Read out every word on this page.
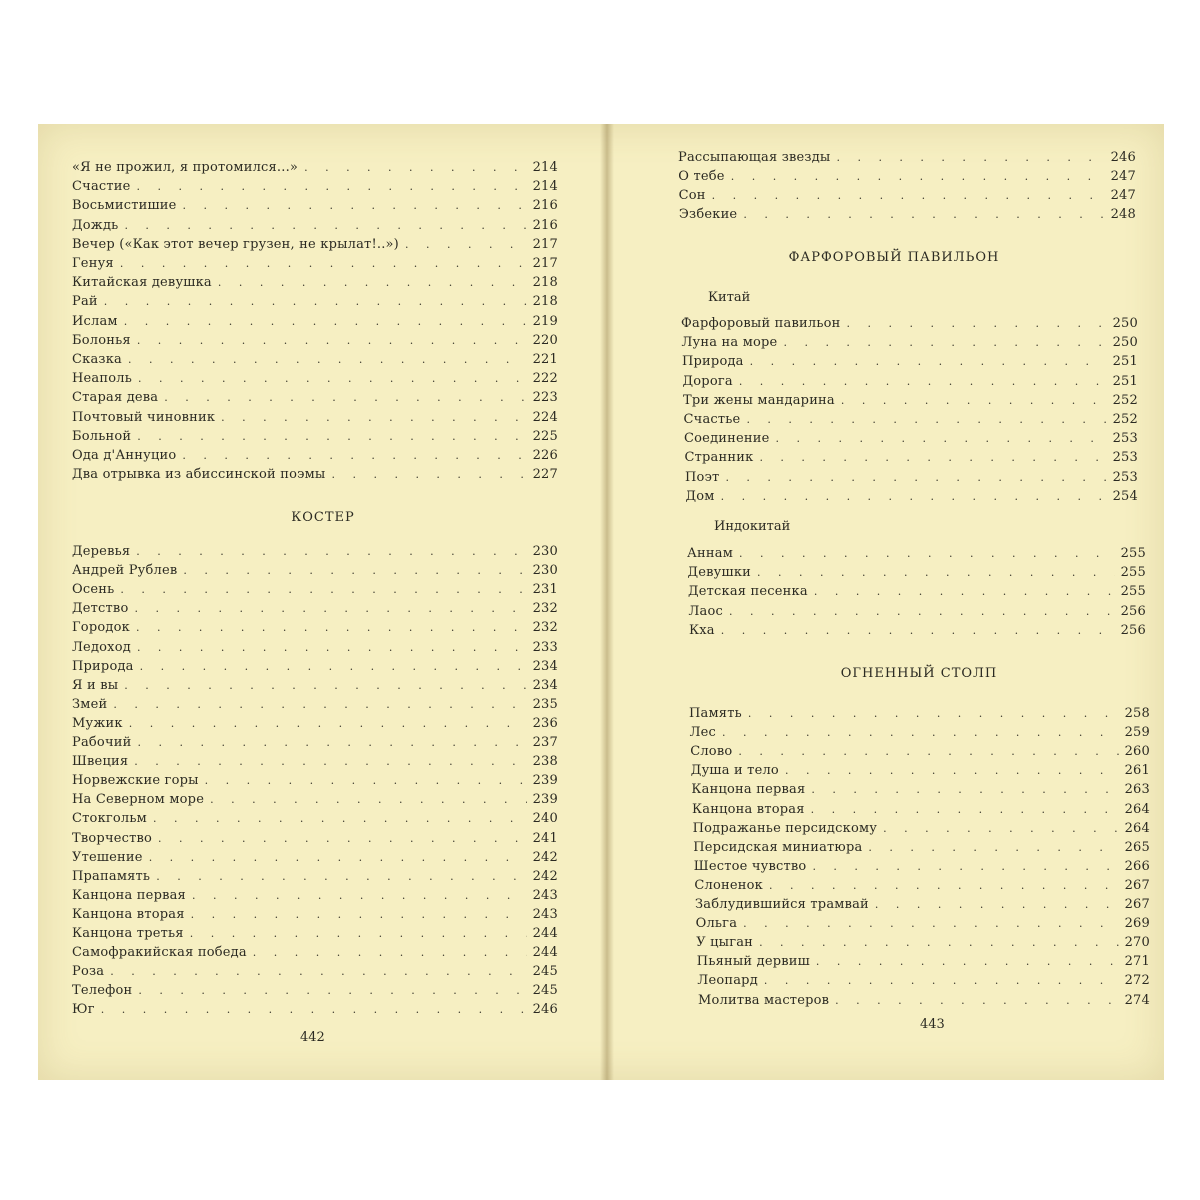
«Я не прожил, я протомился...» . . .	214
Счастие . . .	214
Восьмистишие . . .	216
Дождь . . .	216
Вечер («Как этот вечер грузен, не крылат!..») . . .	217
Генуя . . .	217
Китайская девушка . . .	218
Рай . . .	218
Ислам . . .	219
Болонья . . .	220
Сказка . . .	221
Неаполь . . .	222
Старая дева . . .	223
Почтовый чиновник . . .	224
Больной . . .	225
Ода д'Аннуцио . . .	226
Два отрывка из абиссинской поэмы . . .	227
КОСТЕР
Деревья . . .	230
Андрей Рублев . . .	230
Осень . . .	231
Детство . . .	232
Городок . . .	232
Ледоход . . .	233
Природа . . .	234
Я и вы . . .	234
Змей . . .	235
Мужик . . .	236
Рабочий . . .	237
Швеция . . .	238
Норвежские горы . . .	239
На Северном море . . .	239
Стокгольм . . .	240
Творчество . . .	241
Утешение . . .	242
Прапамять . . .	242
Канцона первая . . .	243
Канцона вторая . . .	243
Канцона третья . . .	244
Самофракийская победа . . .	244
Роза . . .	245
Телефон . . .	245
Юг . . .	246
442
Рассыпающая звезды . . .	246
О тебе . . .	247
Сон . . .	247
Эзбекие . . .	248
ФАРФОРОВЫЙ ПАВИЛЬОН
Китай
Фарфоровый павильон . . .	250
Луна на море . . .	250
Природа . . .	251
Дорога . . .	251
Три жены мандарина . . .	252
Счастье . . .	252
Соединение . . .	253
Странник . . .	253
Поэт . . .	253
Дом . . .	254
Индокитай
Аннам . . .	255
Девушки . . .	255
Детская песенка . . .	255
Лаос . . .	256
Кха . . .	256
ОГНЕННЫЙ СТОЛП
Память . . .	258
Лес . . .	259
Слово . . .	260
Душа и тело . . .	261
Канцона первая . . .	263
Канцона вторая . . .	264
Подражанье персидскому . . .	264
Персидская миниатюра . . .	265
Шестое чувство . . .	266
Слоненок . . .	267
Заблудившийся трамвай . . .	267
Ольга . . .	269
У цыган . . .	270
Пьяный дервиш . . .	271
Леопард . . .	272
Молитва мастеров . . .	274
443
